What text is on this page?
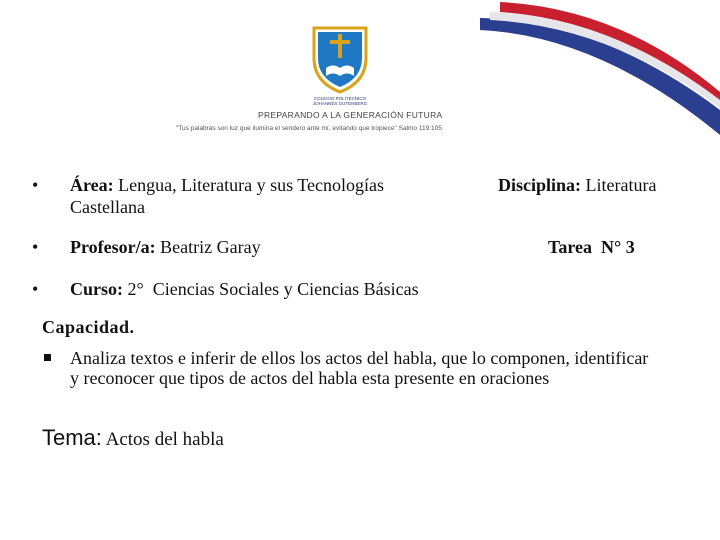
COLEGIO POLITÉCNICO
JOHANNES GUTENBERG
PREPARANDO A LA GENERACIÓN FUTURA
"Tus palabras son luz que ilumina el sendero ante mí, evitando que tropiece" Salmo 119:105
• Área: Lengua, Literatura y sus Tecnologías
Castellana
Disciplina: Literatura
• Profesor/a: Beatriz Garay	Tarea  N° 3
• Curso: 2°  Ciencias Sociales y Ciencias Básicas
Capacidad.
Analiza textos e inferir de ellos los actos del habla, que lo componen, identificar y reconocer que tipos de actos del habla esta presente en oraciones
Tema: Actos del habla
